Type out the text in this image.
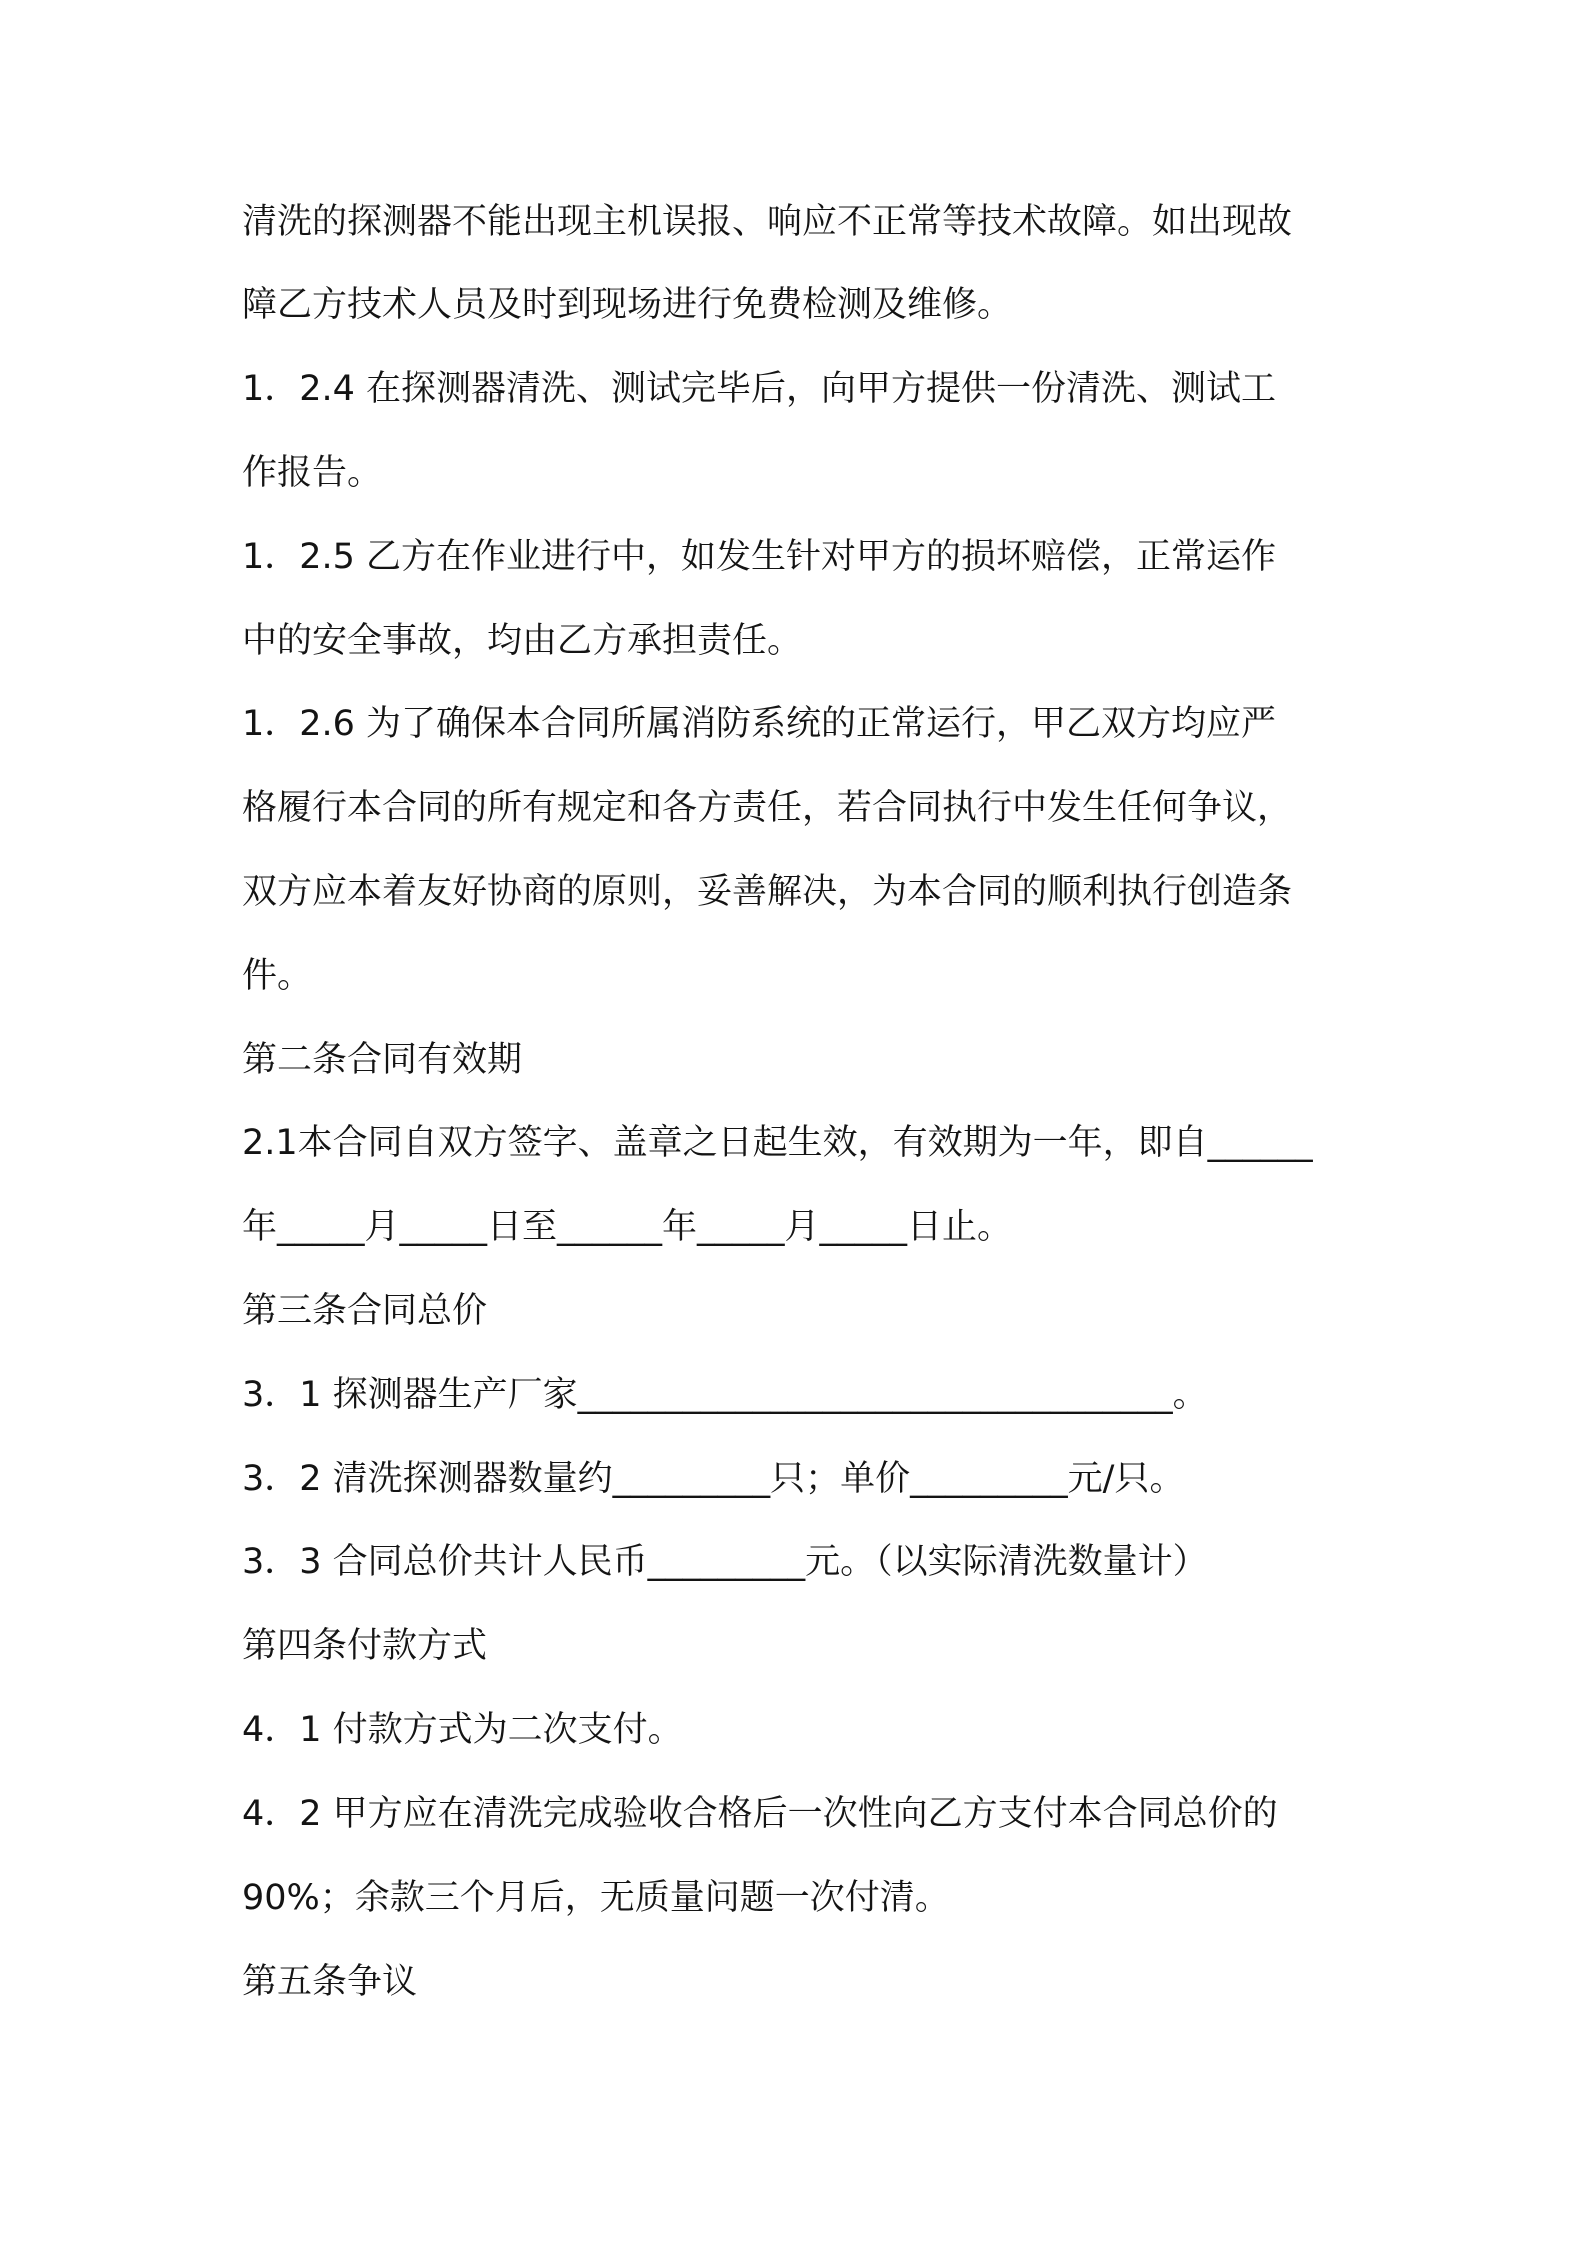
清洗的探测器不能出现主机误报、响应不正常等技术故障。如出现故
障乙方技术人员及时到现场进行免费检测及维修。
1．2.4 在探测器清洗、测试完毕后，向甲方提供一份清洗、测试工
作报告。
1．2.5 乙方在作业进行中，如发生针对甲方的损坏赔偿，正常运作
中的安全事故，均由乙方承担责任。
1．2.6 为了确保本合同所属消防系统的正常运行，甲乙双方均应严
格履行本合同的所有规定和各方责任，若合同执行中发生任何争议，
双方应本着友好协商的原则，妥善解决，为本合同的顺利执行创造条
件。
第二条合同有效期
2.1本合同自双方签字、盖章之日起生效，有效期为一年，即自______
年_____月_____日至______年_____月_____日止。
第三条合同总价
3．1 探测器生产厂家__________________________________。
3．2 清洗探测器数量约_________只；单价_________元/只。
3．3 合同总价共计人民币_________元。（以实际清洗数量计）
第四条付款方式
4．1 付款方式为二次支付。
4．2 甲方应在清洗完成验收合格后一次性向乙方支付本合同总价的
90%；余款三个月后，无质量问题一次付清。
第五条争议
